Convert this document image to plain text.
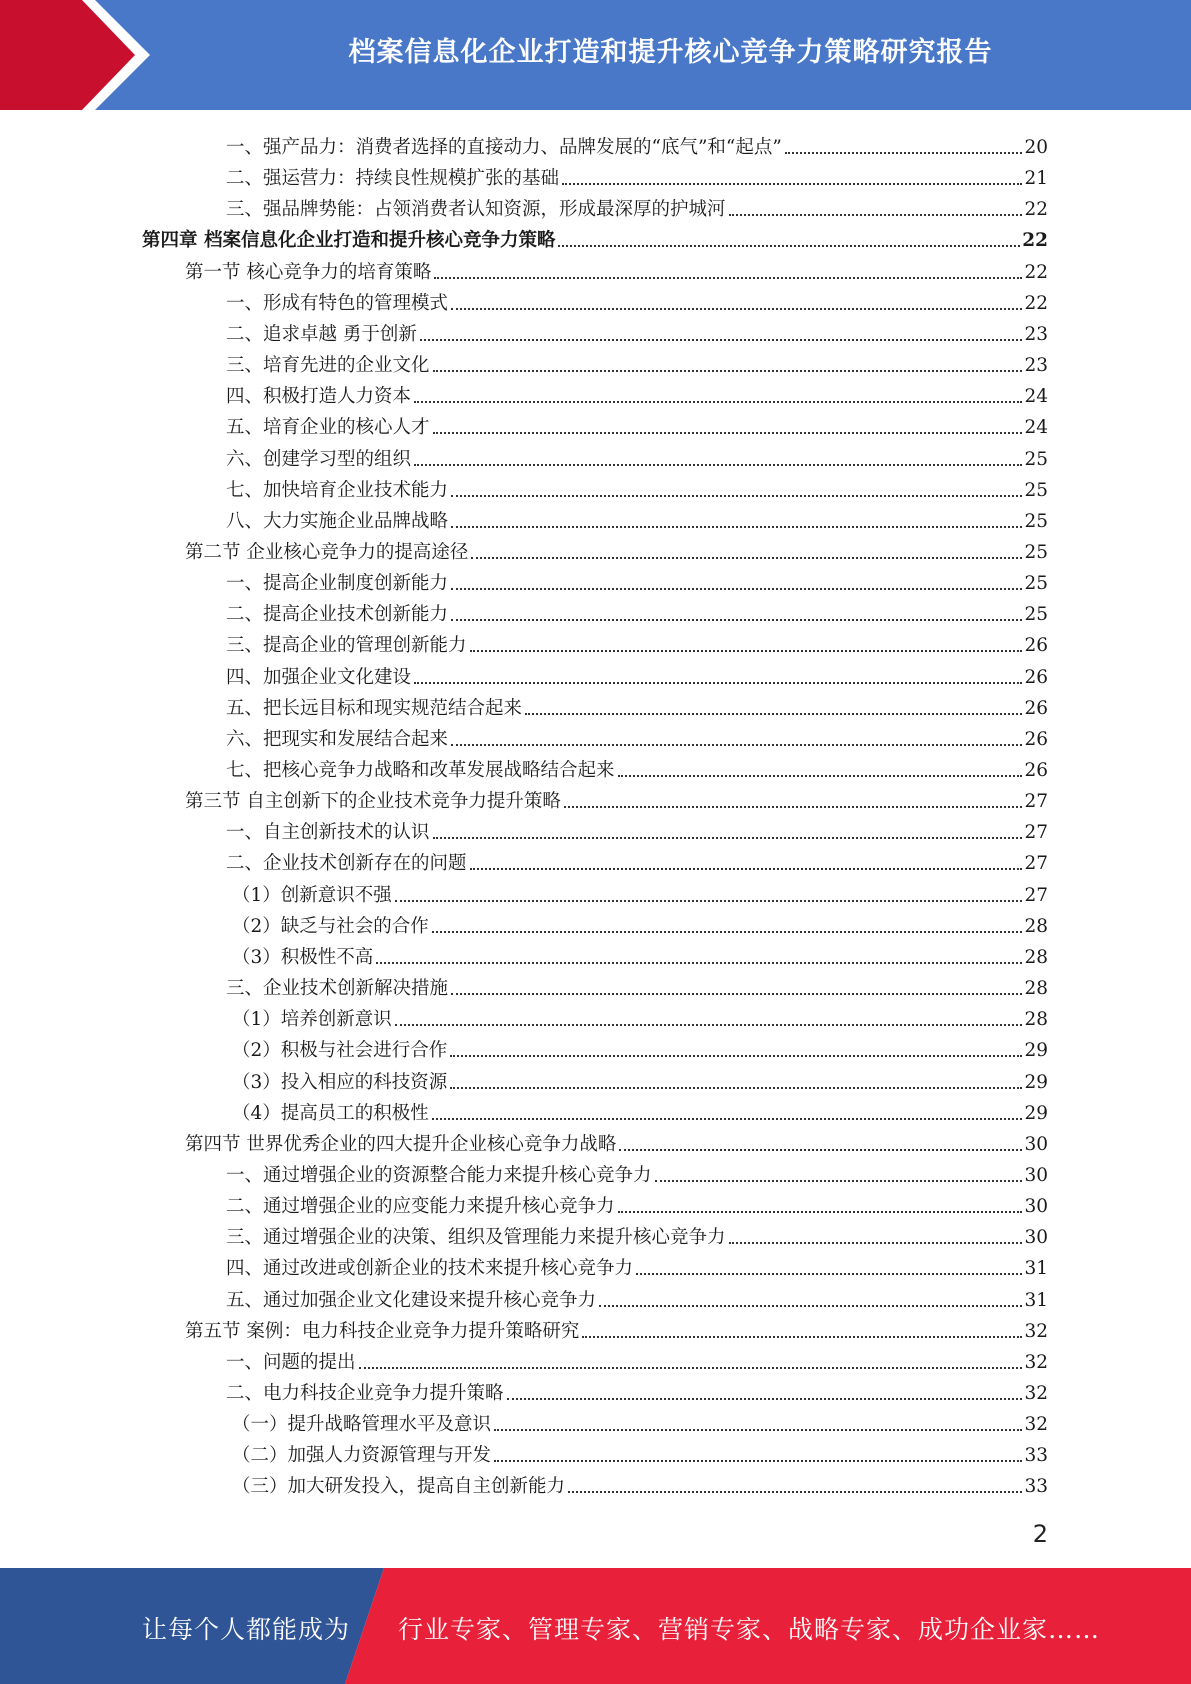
档案信息化企业打造和提升核心竞争力策略研究报告
一、强产品力：消费者选择的直接动力、品牌发展的“底气”和“起点”	20
二、强运营力：持续良性规模扩张的基础	21
三、强品牌势能：占领消费者认知资源，形成最深厚的护城河	22
第四章 档案信息化企业打造和提升核心竞争力策略	22
第一节 核心竞争力的培育策略	22
一、形成有特色的管理模式	22
二、追求卓越 勇于创新	23
三、培育先进的企业文化	23
四、积极打造人力资本	24
五、培育企业的核心人才	24
六、创建学习型的组织	25
七、加快培育企业技术能力	25
八、大力实施企业品牌战略	25
第二节 企业核心竞争力的提高途径	25
一、提高企业制度创新能力	25
二、提高企业技术创新能力	25
三、提高企业的管理创新能力	26
四、加强企业文化建设	26
五、把长远目标和现实规范结合起来	26
六、把现实和发展结合起来	26
七、把核心竞争力战略和改革发展战略结合起来	26
第三节 自主创新下的企业技术竞争力提升策略	27
一、自主创新技术的认识	27
二、企业技术创新存在的问题	27
（1）创新意识不强	27
（2）缺乏与社会的合作	28
（3）积极性不高	28
三、企业技术创新解决措施	28
（1）培养创新意识	28
（2）积极与社会进行合作	29
（3）投入相应的科技资源	29
（4）提高员工的积极性	29
第四节 世界优秀企业的四大提升企业核心竞争力战略	30
一、通过增强企业的资源整合能力来提升核心竞争力	30
二、通过增强企业的应变能力来提升核心竞争力	30
三、通过增强企业的决策、组织及管理能力来提升核心竞争力	30
四、通过改进或创新企业的技术来提升核心竞争力	31
五、通过加强企业文化建设来提升核心竞争力	31
第五节 案例：电力科技企业竞争力提升策略研究	32
一、问题的提出	32
二、电力科技企业竞争力提升策略	32
（一）提升战略管理水平及意识	32
（二）加强人力资源管理与开发	33
（三）加大研发投入，提高自主创新能力	33
2
让每个人都能成为 行业专家、管理专家、营销专家、战略专家、成功企业家……
